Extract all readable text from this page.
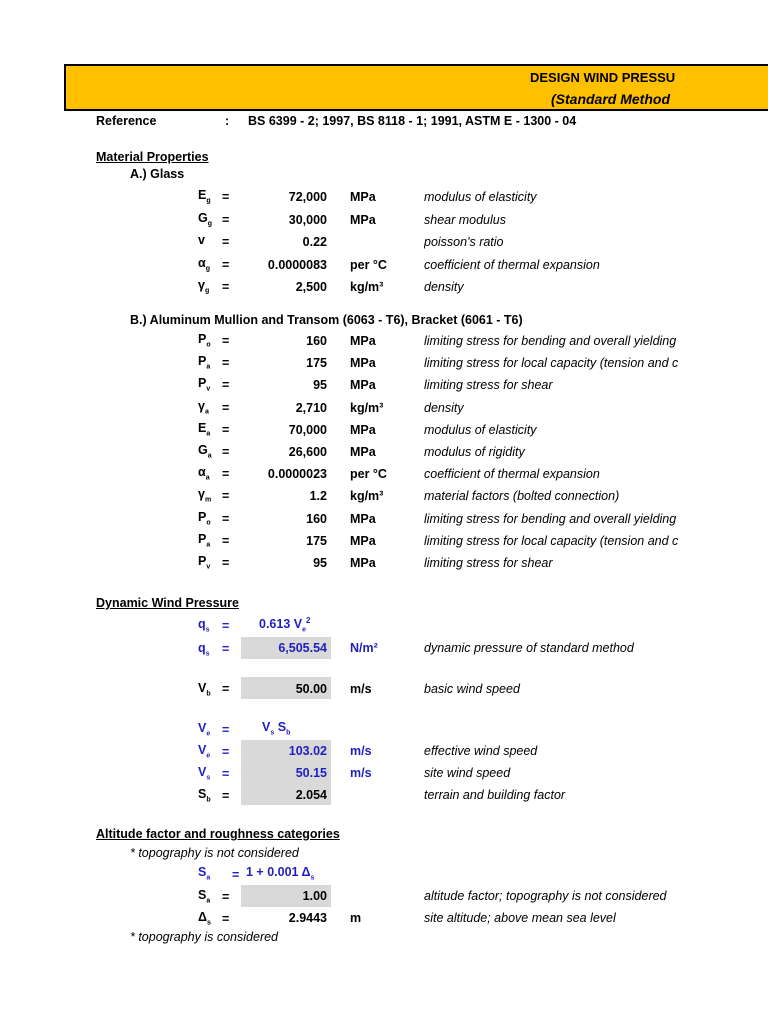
DESIGN WIND PRESSU
(Standard Method
Reference	: BS 6399 - 2; 1997, BS 8118 - 1; 1991, ASTM E - 1300 - 04
Material Properties
A.) Glass
$E_g$ =	72,000 MPa	modulus of elasticity
$G_g$ =	30,000 MPa	shear modulus
v =	0.22	poisson's ratio
$\alpha_g$ =	0.0000083 per °C	coefficient of thermal expansion
$\gamma_g$ =	2,500 kg/m³	density
B.) Aluminum Mullion and Transom (6063 - T6), Bracket (6061 - T6)
$P_o$ =	160 MPa	limiting stress for bending and overall yielding
$P_a$ =	175 MPa	limiting stress for local capacity (tension and c
$P_v$ =	95 MPa	limiting stress for shear
$\gamma_a$ =	2,710 kg/m³	density
$E_a$ =	70,000 MPa	modulus of elasticity
$G_a$ =	26,600 MPa	modulus of rigidity
$\alpha_a$ =	0.0000023 per °C	coefficient of thermal expansion
$\gamma_m$ =	1.2 kg/m³	material factors (bolted connection)
$P_o$ =	160 MPa	limiting stress for bending and overall yielding
$P_a$ =	175 MPa	limiting stress for local capacity (tension and c
$P_v$ =	95 MPa	limiting stress for shear
Dynamic Wind Pressure
$q_s = 0.613$ $V_e^2$
$q_s$ =	6,505.54 N/m²	dynamic pressure of standard method
$V_b$ =	50.00 m/s	basic wind speed
$V_e$ =	$V_s$ $S_b$
$V_e$ =	103.02 m/s	effective wind speed
$V_s$ =	50.15 m/s	site wind speed
$S_b$ =	2.054	terrain and building factor
Altitude factor and roughness categories
* topography is not considered
$S_a = 1 + 0.001$ $\Delta_s$
$S_a$ =	1.00	altitude factor; topography is not considered
$\Delta_s$ =	2.9443 m	site altitude; above mean sea level
* topography is considered
